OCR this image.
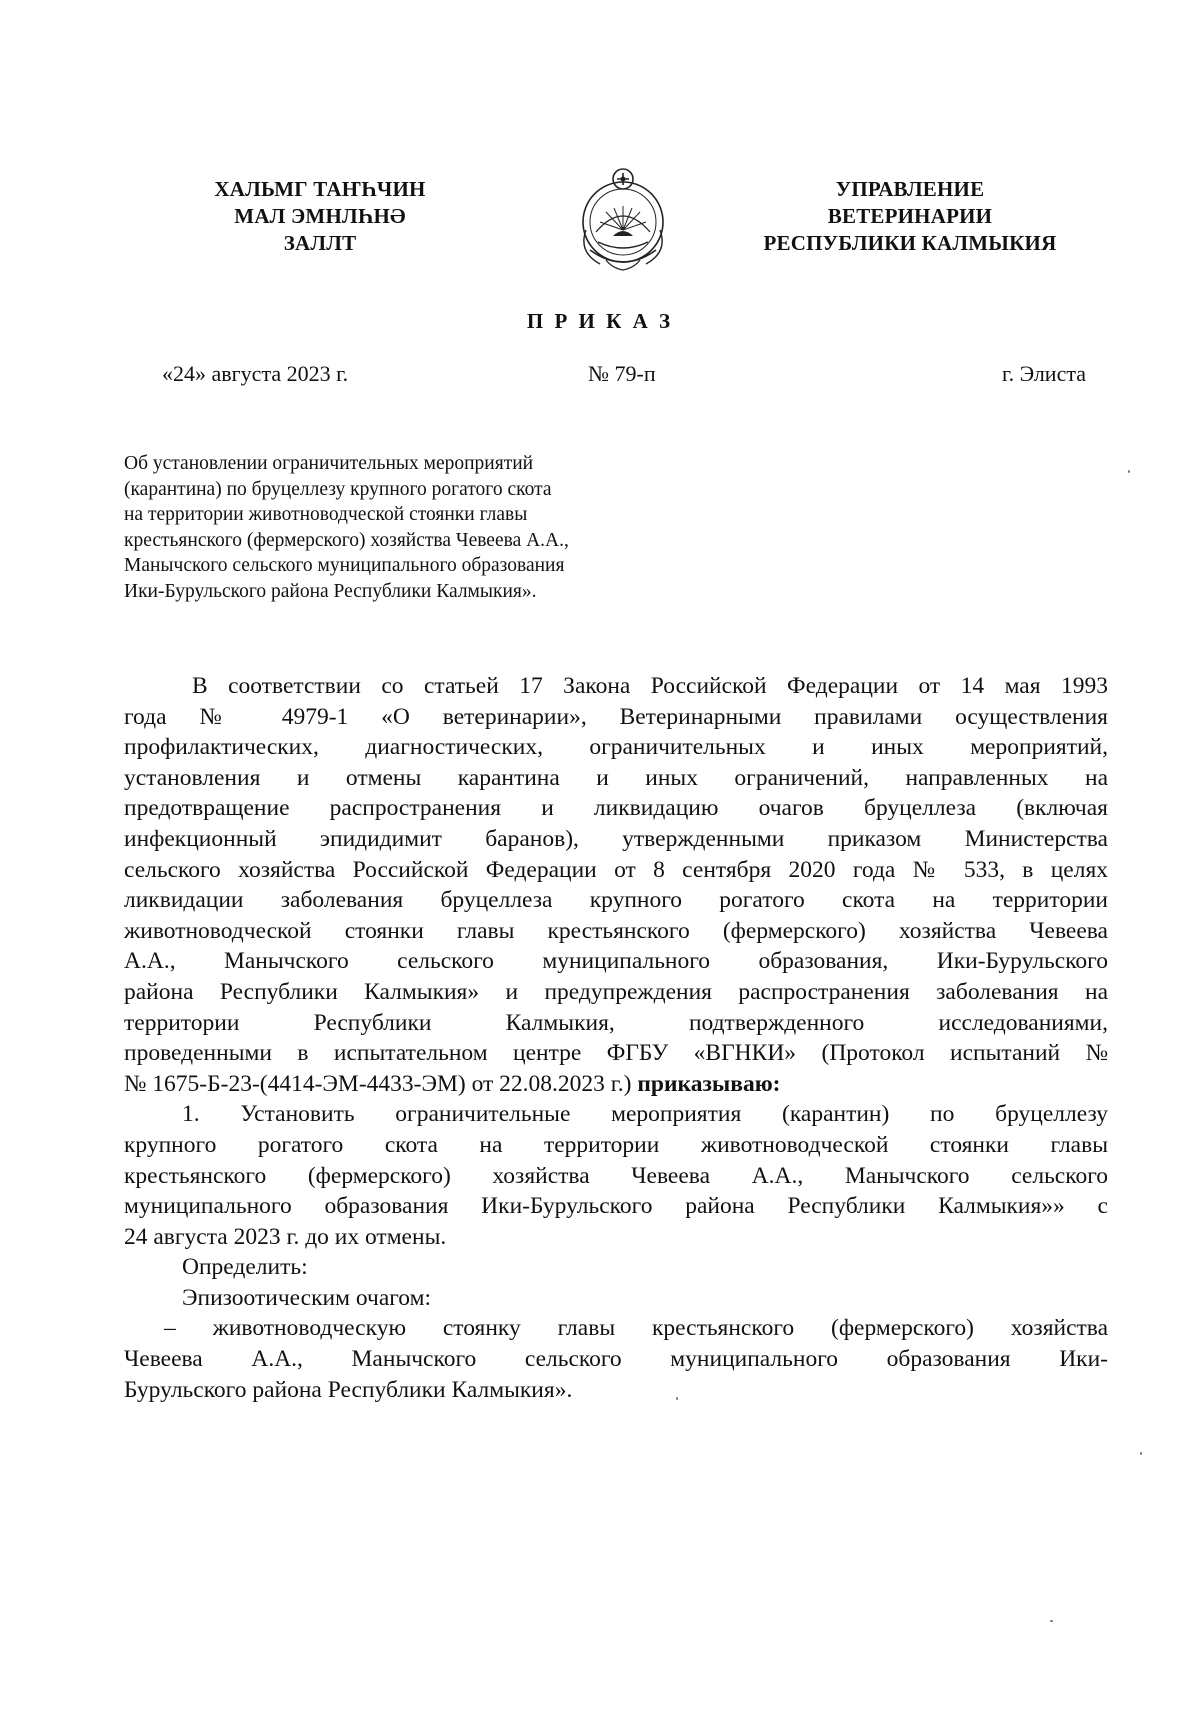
ХАЛЬМГ ТАҤҺЧИН
МАЛ ЭМНЛҺНӘ
ЗАЛЛТ
УПРАВЛЕНИЕ
ВЕТЕРИНАРИИ
РЕСПУБЛИКИ КАЛМЫКИЯ
П Р И К А З
«24» августа 2023 г.	№ 79-п	г. Элиста
Об установлении ограничительных мероприятий
(карантина) по бруцеллезу крупного рогатого скота
на территории животноводческой стоянки главы
крестьянского (фермерского) хозяйства Чевеева А.А.,
Манычского сельского муниципального образования
Ики-Бурульского района Республики Калмыкия».
В соответствии со статьей 17 Закона Российской Федерации от 14 мая 1993
года № 4979-1 «О ветеринарии», Ветеринарными правилами осуществления
профилактических, диагностических, ограничительных и иных мероприятий,
установления и отмены карантина и иных ограничений, направленных на
предотвращение распространения и ликвидацию очагов бруцеллеза (включая
инфекционный эпидидимит баранов), утвержденными приказом Министерства
сельского хозяйства Российской Федерации от 8 сентября 2020 года № 533, в целях
ликвидации заболевания бруцеллеза крупного рогатого скота на территории
животноводческой стоянки главы крестьянского (фермерского) хозяйства Чевеева
А.А., Манычского сельского муниципального образования, Ики-Бурульского
района Республики Калмыкия» и предупреждения распространения заболевания на
территории Республики Калмыкия, подтвержденного исследованиями,
проведенными в испытательном центре ФГБУ «ВГНКИ» (Протокол испытаний №
№ 1675-Б-23-(4414-ЭМ-4433-ЭМ) от 22.08.2023 г.) приказываю:
1. Установить ограничительные мероприятия (карантин) по бруцеллезу
крупного рогатого скота на территории животноводческой стоянки главы
крестьянского (фермерского) хозяйства Чевеева А.А., Манычского сельского
муниципального образования Ики-Бурульского района Республики Калмыкия»» с
24 августа 2023 г. до их отмены.
Определить:
Эпизоотическим очагом:
– животноводческую стоянку главы крестьянского (фермерского) хозяйства
Чевеева А.А., Манычского сельского муниципального образования Ики-
Бурульского района Республики Калмыкия».
